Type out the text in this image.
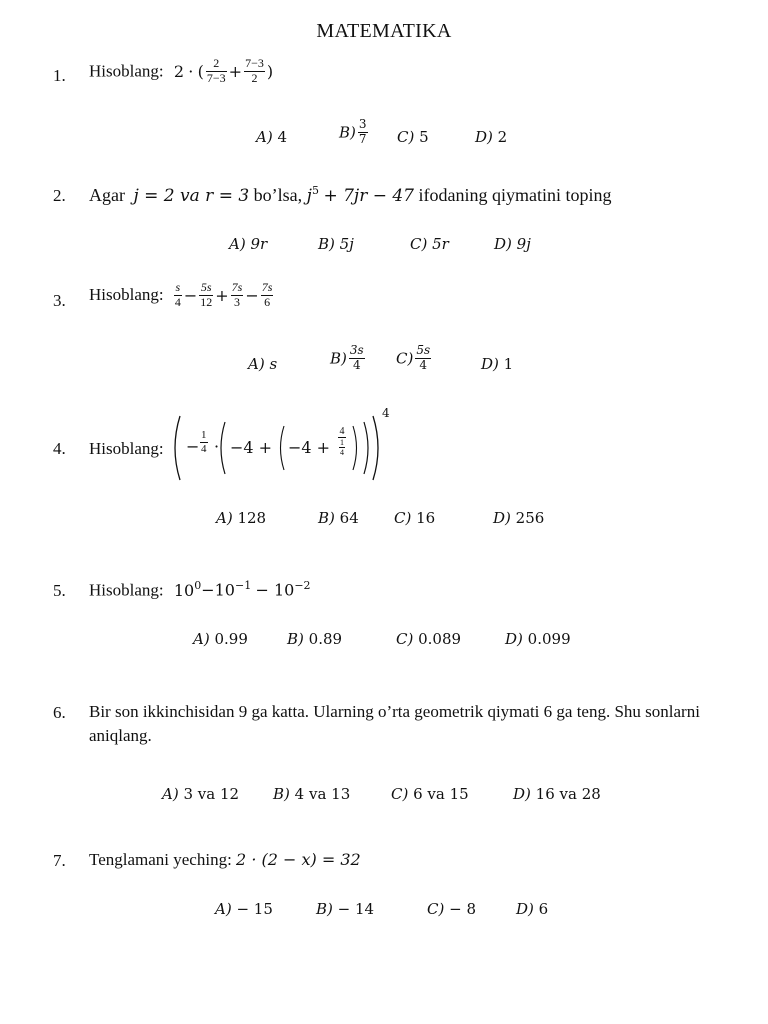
MATEMATIKA
1. Hisoblang: 2 · ( $\frac{2}{7-3} + \frac{7-3}{2}$ )
A) 4	$B) \frac{3}{7} C$) 5	D) 2
2. Agar j = 2 va r = 3 bo’lsa, $j^5 + 7jr - 47$ ifodaning qiymatini toping
A) 9r	B) 5j	C) 5r	D) 9j
3. Hisoblang: $\frac{s}{4} - \frac{5s}{12} + \frac{7s}{3} - \frac{7s}{6}$
A) s	$B) \frac{3s}{4} C) \frac{5s}{4}$	D) 1
4. Hisoblang: − $\frac{1}{4} \cdot -4 + -4 + \frac{4}{\frac{1}{4}}$
4
A) 128	B) 64 C) 16	D) 256
5. Hisoblang: $10^0-10^{-1} - 10^{-2}$
A) 0.99	B) 0.89	C) 0.089	D) 0.099
6. Bir son ikkinchisidan 9 ga katta. Ularning o’rta geometrik qiymati 6 ga teng. Shu sonlarni
aniqlang.
A) 3 va 12 B) 4 va 13	C) 6 va 15	D) 16 va 28
7. Tenglamani yeching: 2 · (2 − x) = 32
A) − 15	B) − 14	C) − 8	D) 6
